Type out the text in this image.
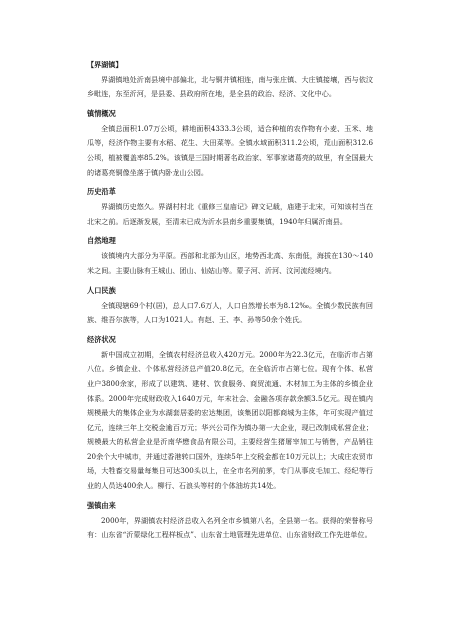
【界湖镇】

界湖镇地处沂南县境中部偏北，北与铜井镇相连，南与张庄镇、大庄镇接壤，西与依汶乡毗连，东至沂河，是县委、县政府所在地，是全县的政治、经济、文化中心。

镇情概况

全镇总面积1.07万公顷，耕地面积4333.3公顷，适合种植的农作物有小麦、玉米、地瓜等，经济作物主要有水稻、花生、大田菜等。全镇水域面积311.2公顷，荒山面积312.6公顷，植被覆盖率85.2%。该镇是三国时期著名政治家、军事家诸葛亮的故里，有全国最大的诸葛亮铜像坐落于镇内卧龙山公园。

历史沿革

界湖镇历史悠久。界湖村村北《重修三皇庙记》碑文记载，庙建于北宋，可知该村当在北宋之前。后逐渐发展，至清末已成为沂水县南乡重要集镇，1940年归属沂南县。

自然地理

该镇境内大部分为平原。西部和北部为山区，地势西北高、东南低，海拔在130～140米之间。主要山脉有王城山、团山、仙姑山等。蒙子河、沂河、汶河流经境内。

人口民族

全镇现辖69个村(居)，总人口7.6万人，人口自然增长率为8.12‰。全镇少数民族有回族、维吾尔族等，人口为1021人。有赵、王、李、孙等50余个姓氏。

经济状况

新中国成立初期，全镇农村经济总收入420万元。2000年为22.3亿元，在临沂市占第八位。乡镇企业、个体私营经济总产值20.8亿元，在全临沂市占第七位。现有个体、私营业户3800余家，形成了以建筑、建材、饮食服务、商贸流通、木材加工为主体的乡镇企业体系。2000年完成财政收入1640万元，年末社会、金融各项存款余额3.5亿元。现在镇内规模最大的集体企业为水湖套居委的宏达集团，该集团以阳都商城为主体，年可实现产值过亿元，连续三年上交税金逾百万元；华兴公司作为镇办第一大企业，现已改制成私营企业；规模最大的私营企业是沂南华懋食品有限公司，主要经营生猪屠宰加工与销售，产品销往20余个大中城市，并通过香港转口国外，连续5年上交税金都在10万元以上；大成庄农贸市场，大牲畜交易量每集日可达300头以上，在全市名列前茅，专门从事皮毛加工、经纪等行业的人员达400余人。柳行、石浪头等村的个体油坊共14处。

强镇由来

2000年，界湖镇农村经济总收入名列全市乡镇第八名，全县第一名。获得的荣誉称号有：山东省“沂蒙绿化工程样板点”、山东省土地管理先进单位、山东省财政工作先进单位。
